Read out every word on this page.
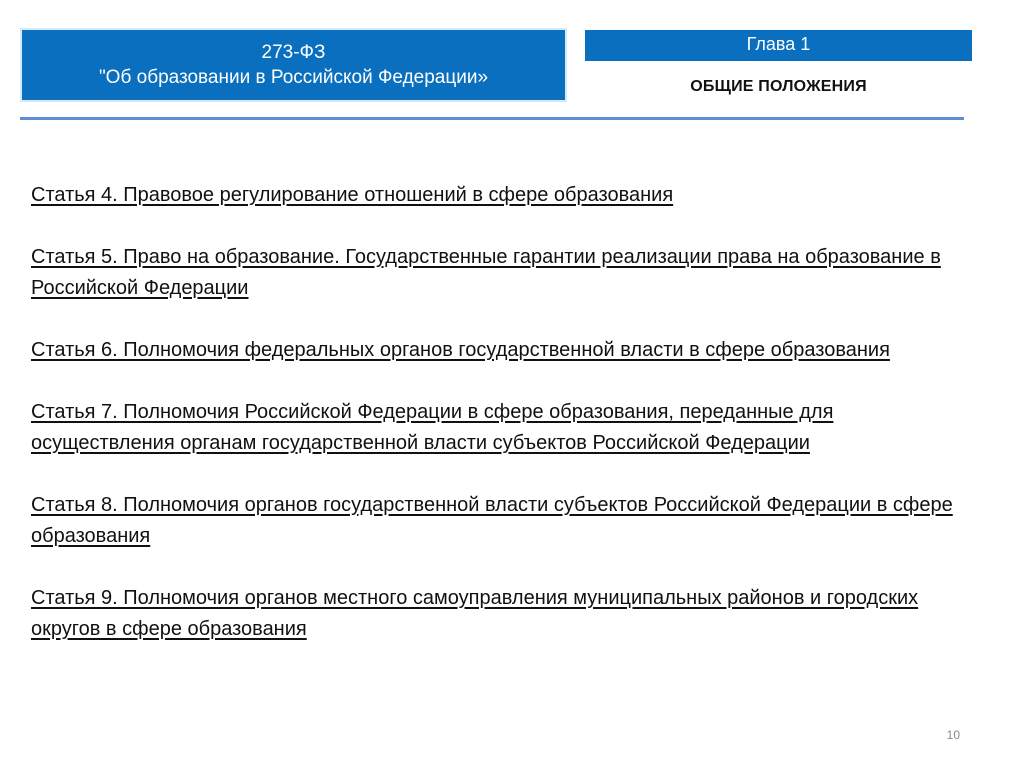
273-ФЗ
"Об образовании в Российской Федерации»
Глава 1
ОБЩИЕ ПОЛОЖЕНИЯ
Статья 4. Правовое регулирование отношений в сфере образования
Статья 5. Право на образование. Государственные гарантии реализации права на образование в Российской Федерации
Статья 6. Полномочия федеральных органов государственной власти в сфере образования
Статья 7. Полномочия Российской Федерации в сфере образования, переданные для осуществления органам государственной власти субъектов Российской Федерации
Статья 8. Полномочия органов государственной власти субъектов Российской Федерации в сфере образования
Статья 9. Полномочия органов местного самоуправления муниципальных районов и городских округов в сфере образования
10
